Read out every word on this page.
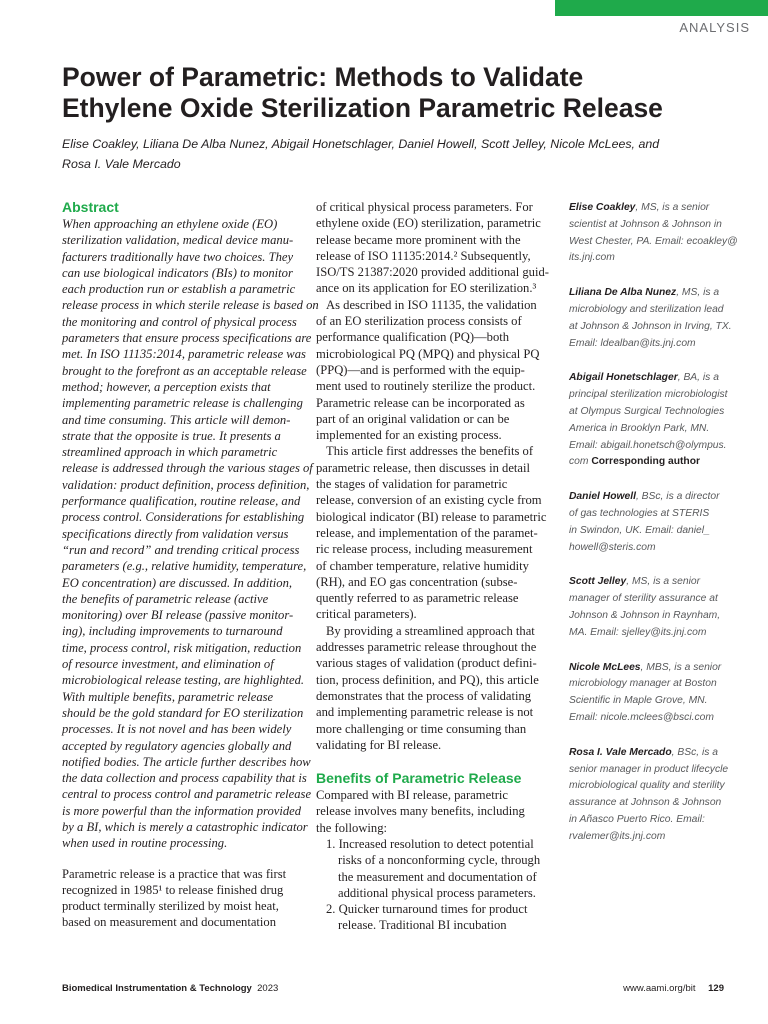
ANALYSIS
Power of Parametric: Methods to Validate
Ethylene Oxide Sterilization Parametric Release
Elise Coakley, Liliana De Alba Nunez, Abigail Honetschlager, Daniel Howell, Scott Jelley, Nicole McLees, and
Rosa I. Vale Mercado
Abstract
When approaching an ethylene oxide (EO)
sterilization validation, medical device manu-
facturers traditionally have two choices. They
can use biological indicators (BIs) to monitor
each production run or establish a parametric
release process in which sterile release is based on
the monitoring and control of physical process
parameters that ensure process specifications are
met. In ISO 11135:2014, parametric release was
brought to the forefront as an acceptable release
method; however, a perception exists that
implementing parametric release is challenging
and time consuming. This article will demon-
strate that the opposite is true. It presents a
streamlined approach in which parametric
release is addressed through the various stages of
validation: product definition, process definition,
performance qualification, routine release, and
process control. Considerations for establishing
specifications directly from validation versus
“run and record” and trending critical process
parameters (e.g., relative humidity, temperature,
EO concentration) are discussed. In addition,
the benefits of parametric release (active
monitoring) over BI release (passive monitor-
ing), including improvements to turnaround
time, process control, risk mitigation, reduction
of resource investment, and elimination of
microbiological release testing, are highlighted.
With multiple benefits, parametric release
should be the gold standard for EO sterilization
processes. It is not novel and has been widely
accepted by regulatory agencies globally and
notified bodies. The article further describes how
the data collection and process capability that is
central to process control and parametric release
is more powerful than the information provided
by a BI, which is merely a catastrophic indicator
when used in routine processing.
Parametric release is a practice that was first
recognized in 1985¹ to release finished drug
product terminally sterilized by moist heat,
based on measurement and documentation
of critical physical process parameters. For
ethylene oxide (EO) sterilization, parametric
release became more prominent with the
release of ISO 11135:2014.² Subsequently,
ISO/TS 21387:2020 provided additional guid-
ance on its application for EO sterilization.³
As described in ISO 11135, the validation
of an EO sterilization process consists of
performance qualification (PQ)—both
microbiological PQ (MPQ) and physical PQ
(PPQ)—and is performed with the equip-
ment used to routinely sterilize the product.
Parametric release can be incorporated as
part of an original validation or can be
implemented for an existing process.
This article first addresses the benefits of
parametric release, then discusses in detail
the stages of validation for parametric
release, conversion of an existing cycle from
biological indicator (BI) release to parametric
release, and implementation of the paramet-
ric release process, including measurement
of chamber temperature, relative humidity
(RH), and EO gas concentration (subse-
quently referred to as parametric release
critical parameters).
By providing a streamlined approach that
addresses parametric release throughout the
various stages of validation (product defini-
tion, process definition, and PQ), this article
demonstrates that the process of validating
and implementing parametric release is not
more challenging or time consuming than
validating for BI release.
Benefits of Parametric Release
Compared with BI release, parametric
release involves many benefits, including
the following:
1. Increased resolution to detect potential
risks of a nonconforming cycle, through
the measurement and documentation of
additional physical process parameters.
2. Quicker turnaround times for product
release. Traditional BI incubation
Elise Coakley, MS, is a senior
scientist at Johnson & Johnson in
West Chester, PA. Email: ecoakley@
its.jnj.com
Liliana De Alba Nunez, MS, is a
microbiology and sterilization lead
at Johnson & Johnson in Irving, TX.
Email: ldealban@its.jnj.com
Abigail Honetschlager, BA, is a
principal sterilization microbiologist
at Olympus Surgical Technologies
America in Brooklyn Park, MN.
Email: abigail.honetsch@olympus.
com Corresponding author
Daniel Howell, BSc, is a director
of gas technologies at STERIS
in Swindon, UK. Email: daniel_
howell@steris.com
Scott Jelley, MS, is a senior
manager of sterility assurance at
Johnson & Johnson in Raynham,
MA. Email: sjelley@its.jnj.com
Nicole McLees, MBS, is a senior
microbiology manager at Boston
Scientific in Maple Grove, MN.
Email: nicole.mclees@bsci.com
Rosa I. Vale Mercado, BSc, is a
senior manager in product lifecycle
microbiological quality and sterility
assurance at Johnson & Johnson
in Añasco Puerto Rico. Email:
rvalemer@its.jnj.com
Biomedical Instrumentation & Technology 2023	www.aami.org/bit 129
